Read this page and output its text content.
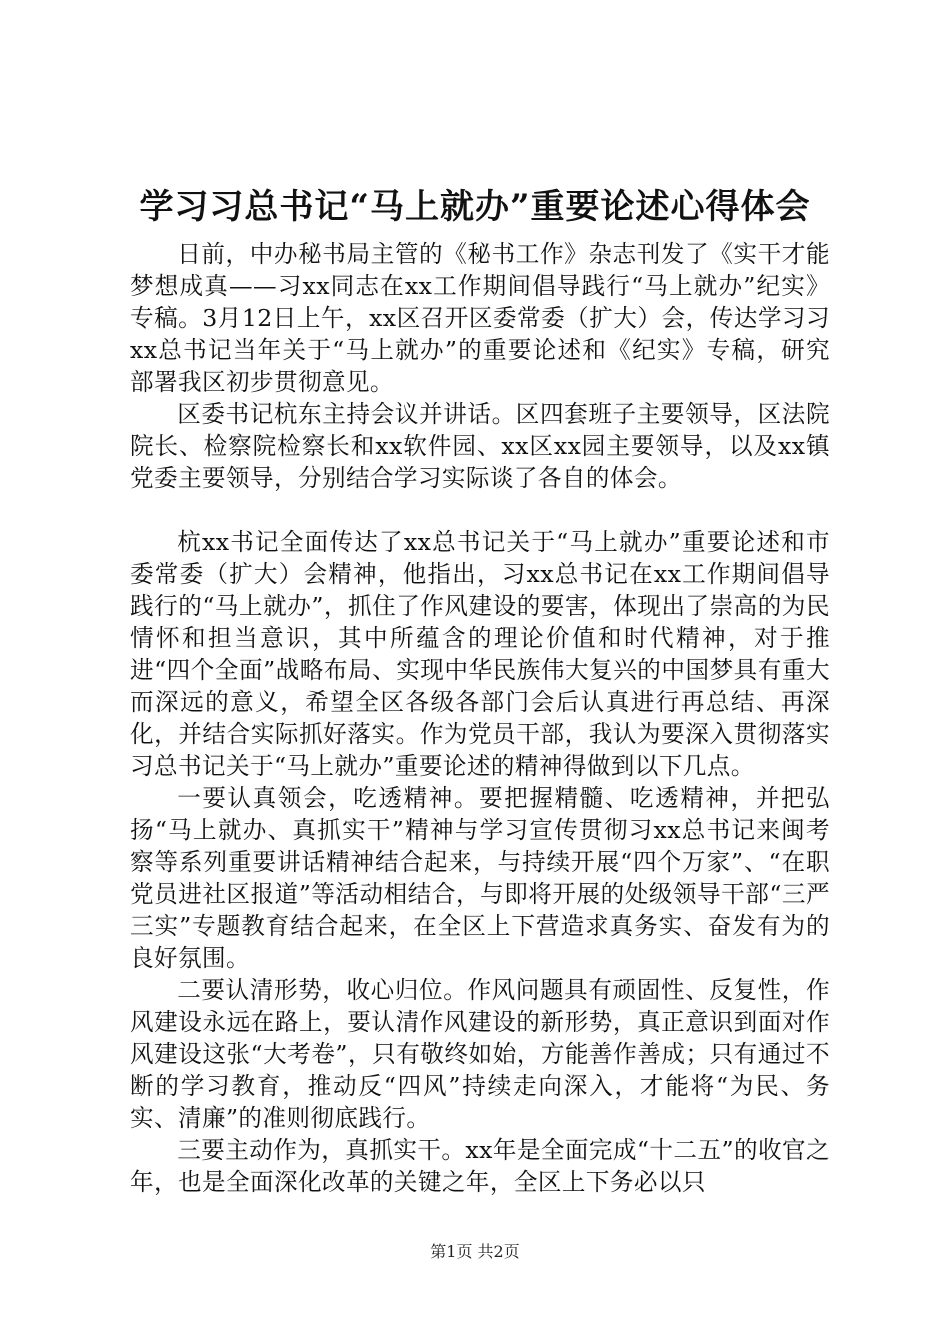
学习习总书记“马上就办”重要论述心得体会

日前，中办秘书局主管的《秘书工作》杂志刊发了《实干才能梦想成真——习xx同志在xx工作期间倡导践行“马上就办”纪实》专稿。3月12日上午，xx区召开区委常委（扩大）会，传达学习习xx总书记当年关于“马上就办”的重要论述和《纪实》专稿，研究部署我区初步贯彻意见。

区委书记杭东主持会议并讲话。区四套班子主要领导，区法院院长、检察院检察长和xx软件园、xx区xx园主要领导，以及xx镇党委主要领导，分别结合学习实际谈了各自的体会。

杭xx书记全面传达了xx总书记关于“马上就办”重要论述和市委常委（扩大）会精神，他指出，习xx总书记在xx工作期间倡导践行的“马上就办”，抓住了作风建设的要害，体现出了崇高的为民情怀和担当意识，其中所蕴含的理论价值和时代精神，对于推进“四个全面”战略布局、实现中华民族伟大复兴的中国梦具有重大而深远的意义，希望全区各级各部门会后认真进行再总结、再深化，并结合实际抓好落实。作为党员干部，我认为要深入贯彻落实习总书记关于“马上就办”重要论述的精神得做到以下几点。

一要认真领会，吃透精神。要把握精髓、吃透精神，并把弘扬“马上就办、真抓实干”精神与学习宣传贯彻习xx总书记来闽考察等系列重要讲话精神结合起来，与持续开展“四个万家”、“在职党员进社区报道”等活动相结合，与即将开展的处级领导干部“三严三实”专题教育结合起来，在全区上下营造求真务实、奋发有为的良好氛围。

二要认清形势，收心归位。作风问题具有顽固性、反复性，作风建设永远在路上，要认清作风建设的新形势，真正意识到面对作风建设这张“大考卷”，只有敬终如始，方能善作善成；只有通过不断的学习教育，推动反“四风”持续走向深入，才能将“为民、务实、清廉”的准则彻底践行。

三要主动作为，真抓实干。xx年是全面完成“十二五”的收官之年，也是全面深化改革的关键之年，全区上下务必以只

第1页 共2页
